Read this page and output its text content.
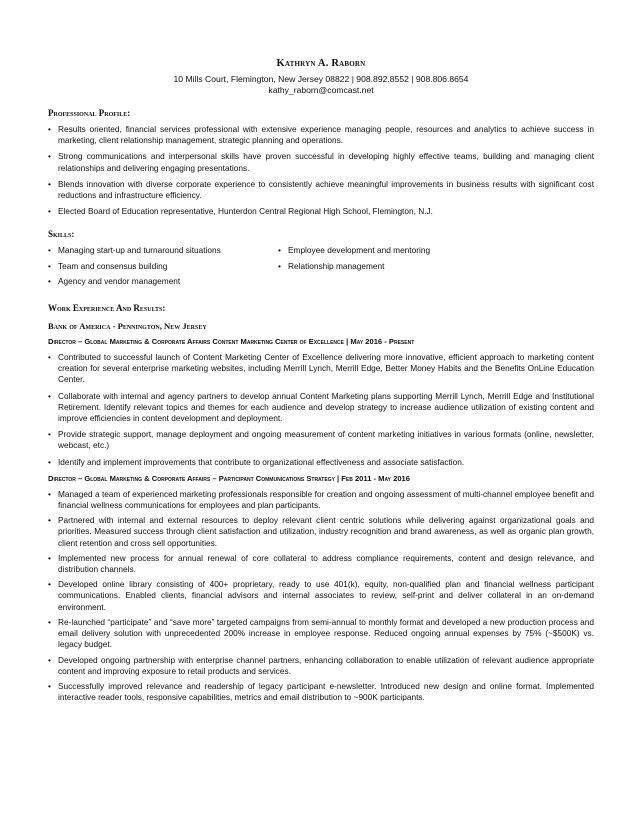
Kathryn A. Raborn
10 Mills Court, Flemington, New Jersey 08822 | 908.892.8552 | 908.806.8654
kathy_raborn@comcast.net
Professional Profile:
• Results oriented, financial services professional with extensive experience managing people, resources and analytics to achieve success in marketing, client relationship management, strategic planning and operations.
• Strong communications and interpersonal skills have proven successful in developing highly effective teams, building and managing client relationships and delivering engaging presentations.
• Blends innovation with diverse corporate experience to consistently achieve meaningful improvements in business results with significant cost reductions and infrastructure efficiency.
• Elected Board of Education representative, Hunterdon Central Regional High School, Flemington, N.J.
Skills:
• Managing start-up and turnaround situations
• Team and consensus building
• Agency and vendor management
• Employee development and mentoring
• Relationship management
Work Experience And Results:
Bank of America - Pennington, New Jersey
Director – Global Marketing & Corporate Affairs Content Marketing Center of Excellence | May 2016 - Present
• Contributed to successful launch of Content Marketing Center of Excellence delivering more innovative, efficient approach to marketing content creation for several enterprise marketing websites, including Merrill Lynch, Merrill Edge, Better Money Habits and the Benefits OnLine Education Center.
• Collaborate with internal and agency partners to develop annual Content Marketing plans supporting Merrill Lynch, Merrill Edge and Institutional Retirement. Identify relevant topics and themes for each audience and develop strategy to increase audience utilization of existing content and improve efficiencies in content development and deployment.
• Provide strategic support, manage deployment and ongoing measurement of content marketing initiatives in various formats (online, newsletter, webcast, etc.)
• Identify and implement improvements that contribute to organizational effectiveness and associate satisfaction.
Director – Global Marketing & Corporate Affairs – Participant Communications Strategy | Feb 2011 - May 2016
• Managed a team of experienced marketing professionals responsible for creation and ongoing assessment of multi-channel employee benefit and financial wellness communications for employees and plan participants.
• Partnered with internal and external resources to deploy relevant client centric solutions while delivering against organizational goals and priorities. Measured success through client satisfaction and utilization, industry recognition and brand awareness, as well as organic plan growth, client retention and cross sell opportunities.
• Implemented new process for annual renewal of core collateral to address compliance requirements, content and design relevance, and distribution channels.
• Developed online library consisting of 400+ proprietary, ready to use 401(k), equity, non-qualified plan and financial wellness participant communications. Enabled clients, financial advisors and internal associates to review, self-print and deliver collateral in an on-demand environment.
• Re-launched “participate” and “save more” targeted campaigns from semi-annual to monthly format and developed a new production process and email delivery solution with unprecedented 200% increase in employee response. Reduced ongoing annual expenses by 75% (~$500K) vs. legacy budget.
• Developed ongoing partnership with enterprise channel partners, enhancing collaboration to enable utilization of relevant audience appropriate content and improving exposure to retail products and services.
• Successfully improved relevance and readership of legacy participant e-newsletter. Introduced new design and online format. Implemented interactive reader tools, responsive capabilities, metrics and email distribution to ~900K participants.
